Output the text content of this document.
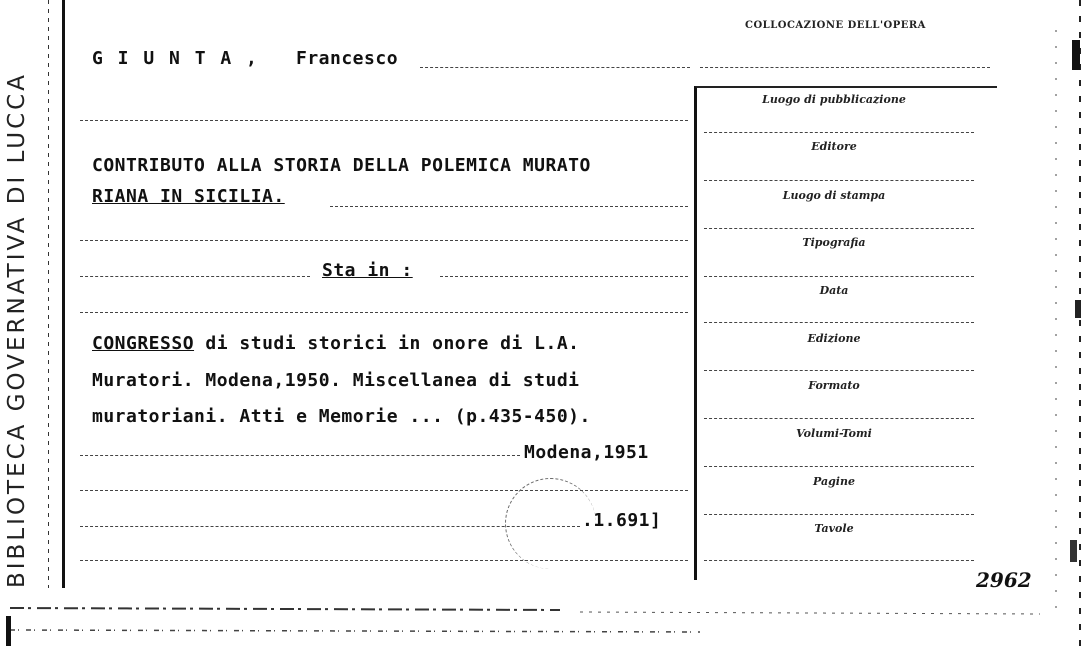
BIBLIOTECA GOVERNATIVA DI LUCCA
G I U N T A , Francesco
CONTRIBUTO ALLA STORIA DELLA POLEMICA MURATO
RIANA IN SICILIA.
Sta in :
CONGRESSO di studi storici in onore di L.A.
Muratori. Modena,1950. Miscellanea di studi
muratoriani. Atti e Memorie ... (p.435-450).
Modena,1951
.1.691]
COLLOCAZIONE DELL'OPERA
Luogo di pubblicazione
Editore
Luogo di stampa
Tipografia
Data
Edizione
Formato
Volumi-Tomi
Pagine
Tavole
2962
